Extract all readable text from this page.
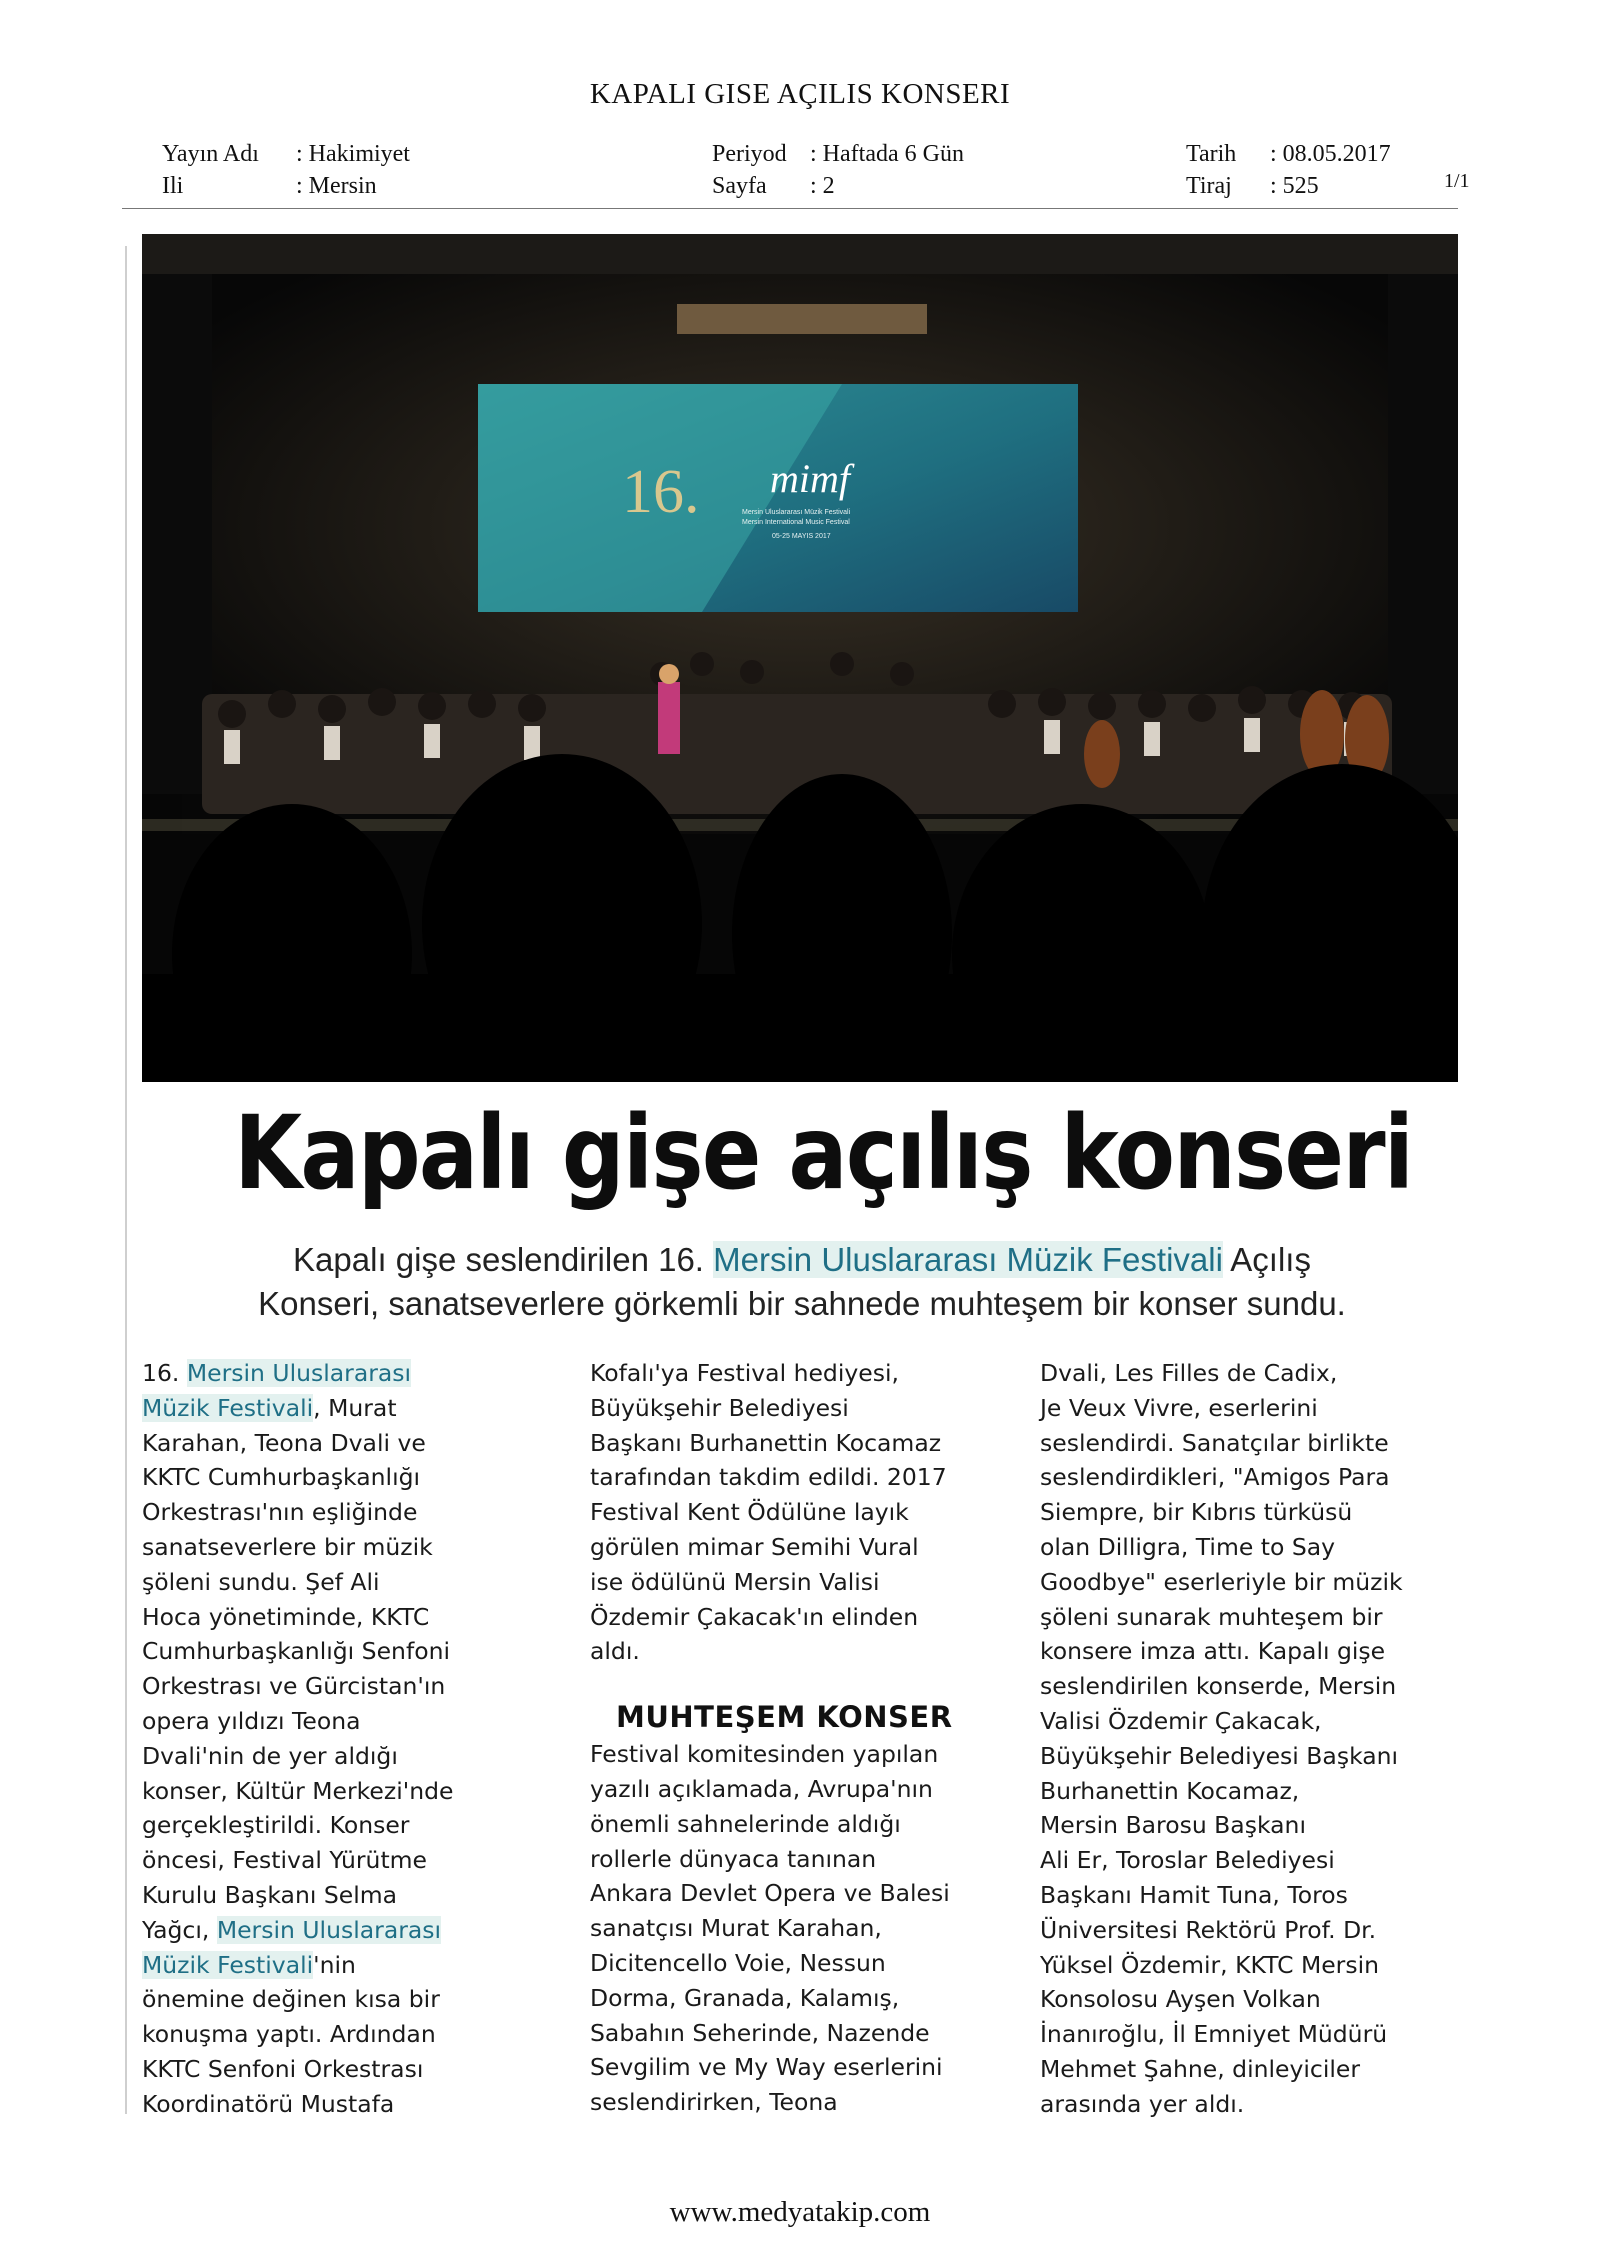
KAPALI GISE AÇILIS KONSERI
Yayın Adı	: Hakimiyet
Ili	: Mersin
Periyod : Haftada 6 Gün
Sayfa	: 2
Tarih	: 08.05.2017
Tiraj	: 525	1/1
16. mimf
Mersin Uluslararası Müzik Festivali
Mersin International Music Festival
05-25 MAYIS 2017
Kapalı gişe açılış konseri

Kapalı gişe seslendirilen 16. Mersin Uluslararası Müzik Festivali Açılış

Konseri, sanatseverlere görkemli bir sahnede muhteşem bir konser sundu.

16. Mersin Uluslararası

Müzik Festivali, Murat

Karahan, Teona Dvali ve

KKTC Cumhurbaşkanlığı

Orkestrası'nın eşliğinde

sanatseverlere bir müzik

şöleni sundu. Şef Ali

Hoca yönetiminde, KKTC

Cumhurbaşkanlığı Senfoni

Orkestrası ve Gürcistan'ın

opera yıldızı Teona

Dvali'nin de yer aldığı

konser, Kültür Merkezi'nde

gerçekleştirildi. Konser

öncesi, Festival Yürütme

Kurulu Başkanı Selma

Yağcı, Mersin Uluslararası

Müzik Festivali'nin

önemine değinen kısa bir

konuşma yaptı. Ardından

KKTC Senfoni Orkestrası

Koordinatörü Mustafa

Kofalı'ya Festival hediyesi,

Büyükşehir Belediyesi

Başkanı Burhanettin Kocamaz

tarafından takdim edildi. 2017

Festival Kent Ödülüne layık

görülen mimar Semihi Vural

ise ödülünü Mersin Valisi

Özdemir Çakacak'ın elinden

aldı.

MUHTEŞEM KONSER

Festival komitesinden yapılan

yazılı açıklamada, Avrupa'nın

önemli sahnelerinde aldığı

rollerle dünyaca tanınan

Ankara Devlet Opera ve Balesi

sanatçısı Murat Karahan,

Dicitencello Voie, Nessun

Dorma, Granada, Kalamış,

Sabahın Seherinde, Nazende

Sevgilim ve My Way eserlerini

seslendirirken, Teona

Dvali, Les Filles de Cadix,

Je Veux Vivre, eserlerini

seslendirdi. Sanatçılar birlikte

seslendirdikleri, "Amigos Para

Siempre, bir Kıbrıs türküsü

olan Dilligra, Time to Say

Goodbye" eserleriyle bir müzik

şöleni sunarak muhteşem bir

konsere imza attı. Kapalı gişe

seslendirilen konserde, Mersin

Valisi Özdemir Çakacak,

Büyükşehir Belediyesi Başkanı

Burhanettin Kocamaz,

Mersin Barosu Başkanı

Ali Er, Toroslar Belediyesi

Başkanı Hamit Tuna, Toros

Üniversitesi Rektörü Prof. Dr.

Yüksel Özdemir, KKTC Mersin

Konsolosu Ayşen Volkan

İnanıroğlu, İl Emniyet Müdürü

Mehmet Şahne, dinleyiciler

arasında yer aldı.

www.medyatakip.com
